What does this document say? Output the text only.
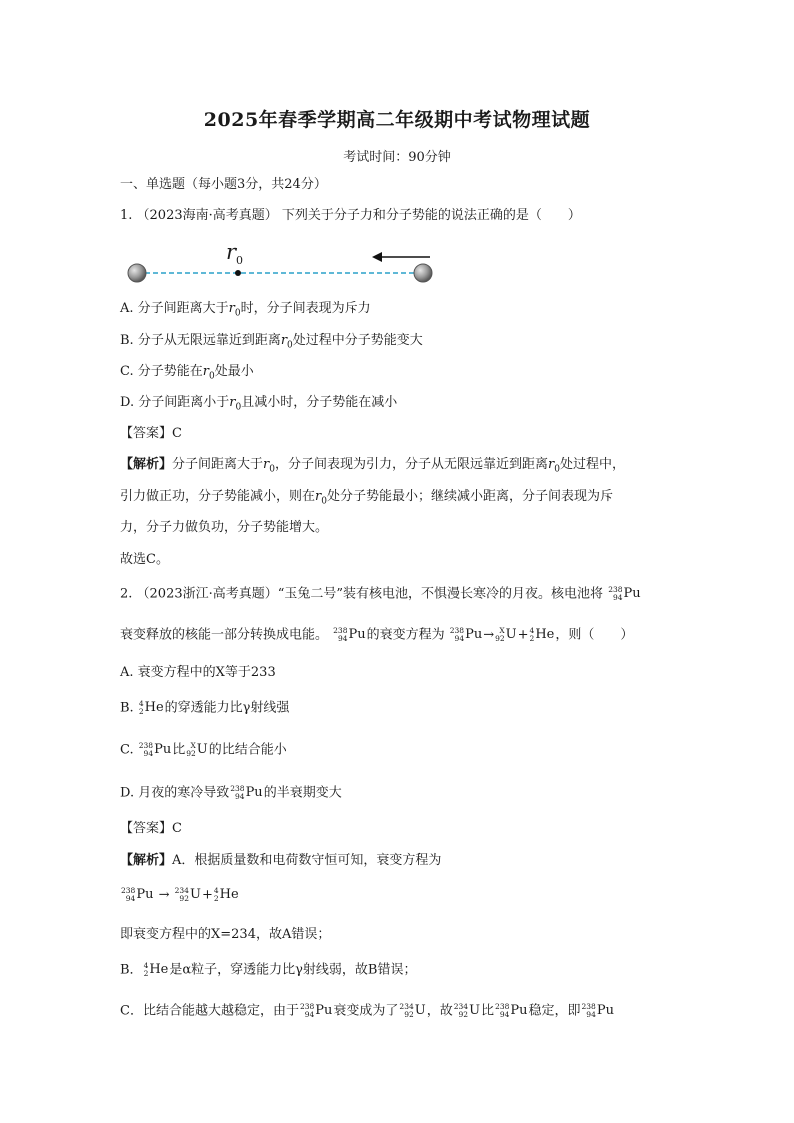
2025年春季学期高二年级期中考试物理试题
考试时间：90分钟
一、单选题（每小题3分，共24分）
1. （2023海南·高考真题） 下列关于分子力和分子势能的说法正确的是（　　）
$r_0$
A. 分子间距离大于$r_0$时，分子间表现为斥力
B. 分子从无限远靠近到距离$r_0$处过程中分子势能变大
C. 分子势能在$r_0$处最小
D. 分子间距离小于$r_0$且减小时，分子势能在减小
【答案】C
【解析】分子间距离大于$r_0$，分子间表现为引力，分子从无限远靠近到距离$r_0$处过程中，
引力做正功，分子势能减小，则在$r_0$处分子势能最小；继续减小距离，分子间表现为斥
力，分子力做负功，分子势能增大。
故选C。
2. （2023浙江·高考真题）“玉兔二号”装有核电池，不惧漫长寒冷的月夜。核电池将 238
94 Pu
衰变释放的核能一部分转换成电能。 238
94 Pu 的衰变方程为 238
94 Pu → X
92 U + 4
2 He ，则（　　）
A. 衰变方程中的X等于233
B. 4
2 He 的穿透能力比γ射线强
C. 238
94 Pu 比 X
92 U 的比结合能小
D. 月夜的寒冷导致 238
94 Pu 的半衰期变大
【答案】C
【解析】A．根据质量数和电荷数守恒可知，衰变方程为
238
94 Pu → 234
92 U + 4
2 He
即衰变方程中的X=234，故A错误；
B． 4
2 He 是α粒子，穿透能力比γ射线弱，故B错误；
C．比结合能越大越稳定，由于 238
94 Pu 衰变成为了 234
92 U ，故 234
92 U 比 238
94 Pu 稳定，即 238
94 Pu
